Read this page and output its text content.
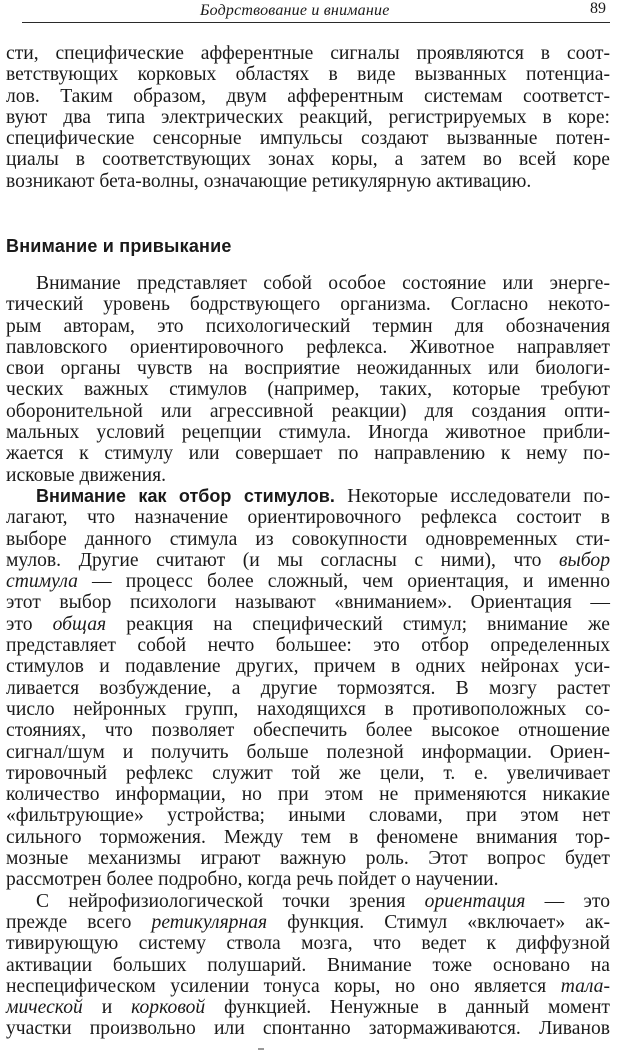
Бодрствование и внимание	89
сти, специфические афферентные сигналы проявляются в соот-
ветствующих корковых областях в виде вызванных потенциа-
лов. Таким образом, двум афферентным системам соответст-
вуют два типа электрических реакций, регистрируемых в коре:
специфические сенсорные импульсы создают вызванные потен-
циалы в соответствующих зонах коры, а затем во всей коре
возникают бета-волны, означающие ретикулярную активацию.
Внимание и привыкание
Внимание представляет собой особое состояние или энерге-
тический уровень бодрствующего организма. Согласно некото-
рым авторам, это психологический термин для обозначения
павловского ориентировочного рефлекса. Животное направляет
свои органы чувств на восприятие неожиданных или биологи-
ческих важных стимулов (например, таких, которые требуют
оборонительной или агрессивной реакции) для создания опти-
мальных условий рецепции стимула. Иногда животное прибли-
жается к стимулу или совершает по направлению к нему по-
исковые движения.
Внимание как отбор стимулов. Некоторые исследователи по-
лагают, что назначение ориентировочного рефлекса состоит в
выборе данного стимула из совокупности одновременных сти-
мулов. Другие считают (и мы согласны с ними), что выбор
стимула — процесс более сложный, чем ориентация, и именно
этот выбор психологи называют «вниманием». Ориентация —
это общая реакция на специфический стимул; внимание же
представляет собой нечто большее: это отбор определенных
стимулов и подавление других, причем в одних нейронах уси-
ливается возбуждение, а другие тормозятся. В мозгу растет
число нейронных групп, находящихся в противоположных со-
стояниях, что позволяет обеспечить более высокое отношение
сигнал/шум и получить больше полезной информации. Ориен-
тировочный рефлекс служит той же цели, т. е. увеличивает
количество информации, но при этом не применяются никакие
«фильтрующие» устройства; иными словами, при этом нет
сильного торможения. Между тем в феномене внимания тор-
мозные механизмы играют важную роль. Этот вопрос будет
рассмотрен более подробно, когда речь пойдет о научении.
С нейрофизиологической точки зрения ориентация — это
прежде всего ретикулярная функция. Стимул «включает» ак-
тивирующую систему ствола мозга, что ведет к диффузной
активации больших полушарий. Внимание тоже основано на
неспецифическом усилении тонуса коры, но оно является тала-
мической и корковой функцией. Ненужные в данный момент
участки произвольно или спонтанно затормаживаются. Ливанов
